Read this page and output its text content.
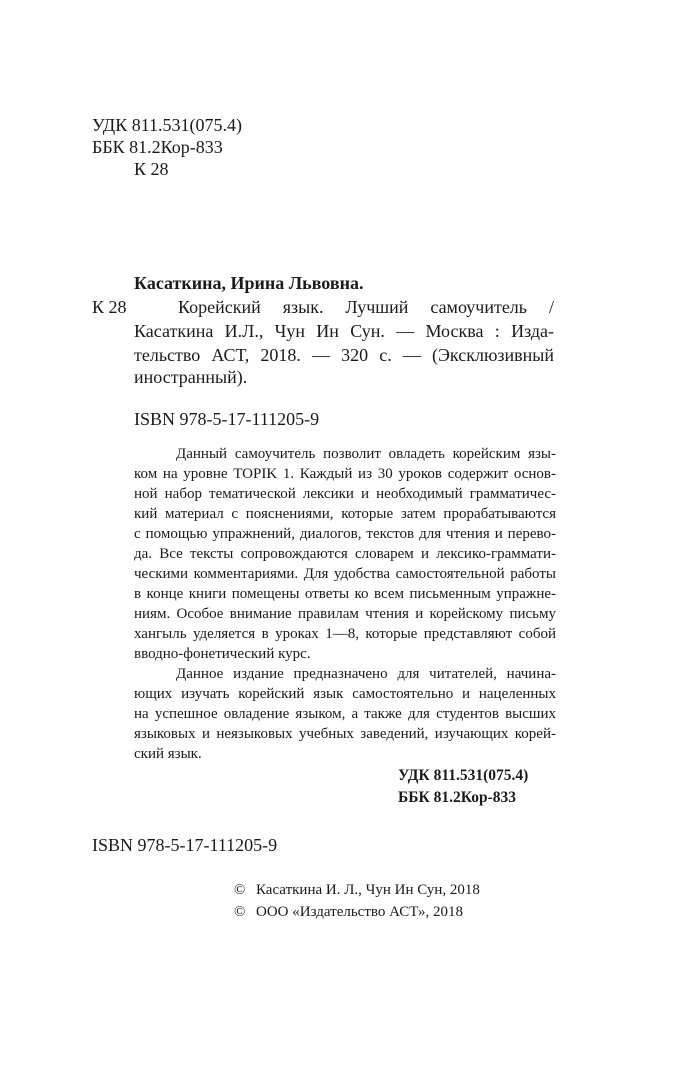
УДК 811.531(075.4)
ББК 81.2Кор-833
К 28
Касаткина, Ирина Львовна.
К 28	Корейский язык. Лучший самоучитель /
Касаткина И.Л., Чун Ин Сун. — Москва : Изда-
тельство АСТ, 2018. — 320 с. — (Эксклюзивный
иностранный).
ISBN 978-5-17-111205-9
Данный самоучитель позволит овладеть корейским язы-
ком на уровне TOPIK 1. Каждый из 30 уроков содержит основ-
ной набор тематической лексики и необходимый грамматичес-
кий материал с пояснениями, которые затем прорабатываются
с помощью упражнений, диалогов, текстов для чтения и перево-
да. Все тексты сопровождаются словарем и лексико-граммати-
ческими комментариями. Для удобства самостоятельной работы
в конце книги помещены ответы ко всем письменным упражне-
ниям. Особое внимание правилам чтения и корейскому письму
хангыль уделяется в уроках 1—8, которые представляют собой
вводно-фонетический курс.
Данное издание предназначено для читателей, начина-
ющих изучать корейский язык самостоятельно и нацеленных
на успешное овладение языком, а также для студентов высших
языковых и неязыковых учебных заведений, изучающих корей-
ский язык.
УДК 811.531(075.4)
ББК 81.2Кор-833
ISBN 978-5-17-111205-9
© Касаткина И. Л., Чун Ин Сун, 2018
© ООО «Издательство АСТ», 2018
